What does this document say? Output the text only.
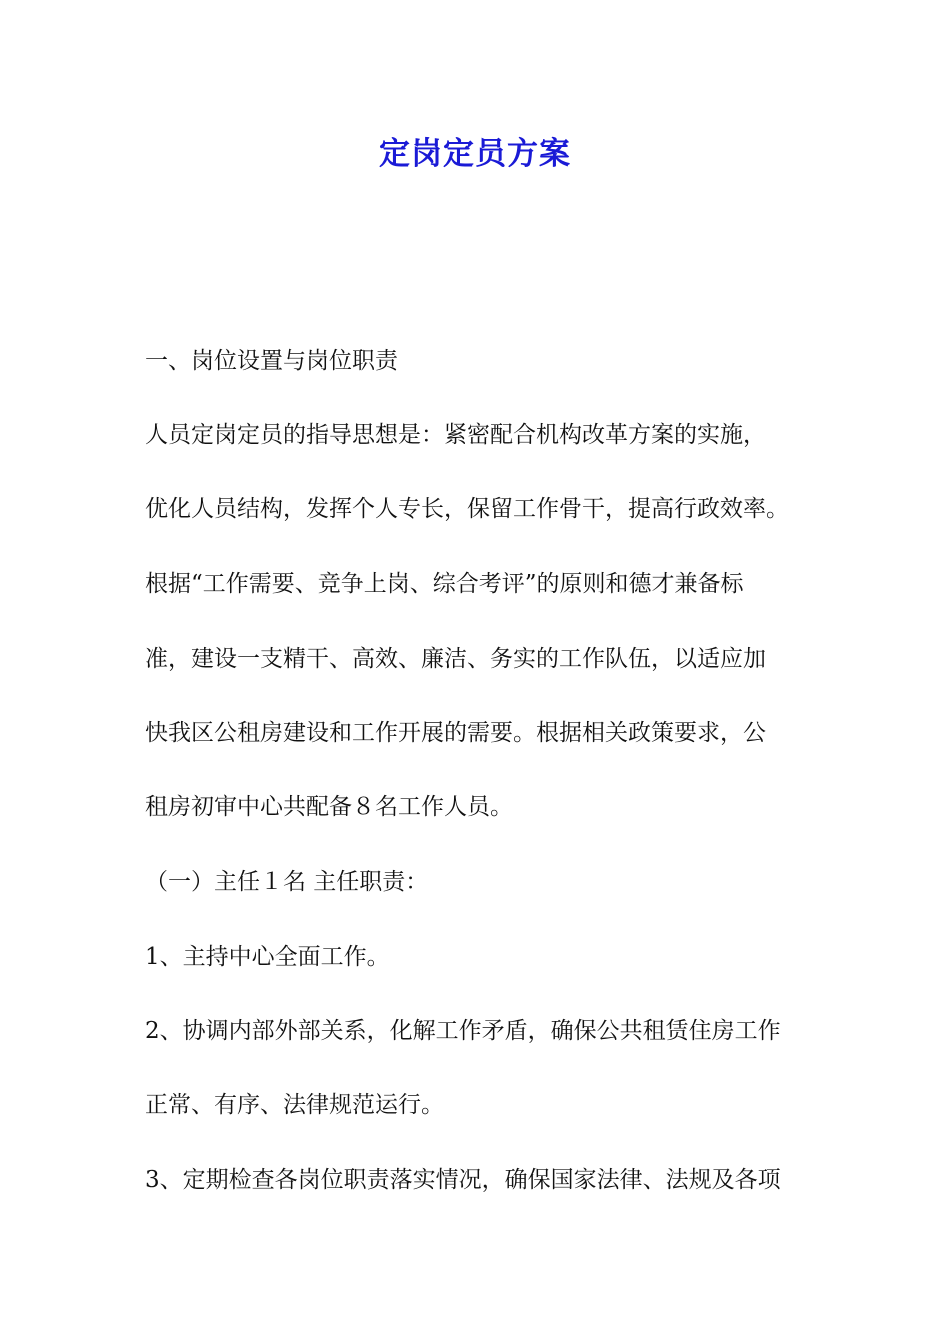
定岗定员方案
一、岗位设置与岗位职责
人员定岗定员的指导思想是：紧密配合机构改革方案的实施，
优化人员结构，发挥个人专长，保留工作骨干，提高行政效率。
根据“工作需要、竞争上岗、综合考评”的原则和德才兼备标
准，建设一支精干、高效、廉洁、务实的工作队伍，以适应加
快我区公租房建设和工作开展的需要。根据相关政策要求，公
租房初审中心共配备８名工作人员。
（一）主任１名 主任职责：
1、主持中心全面工作。
2、协调内部外部关系，化解工作矛盾，确保公共租赁住房工作
正常、有序、法律规范运行。
3、定期检查各岗位职责落实情况，确保国家法律、法规及各项
